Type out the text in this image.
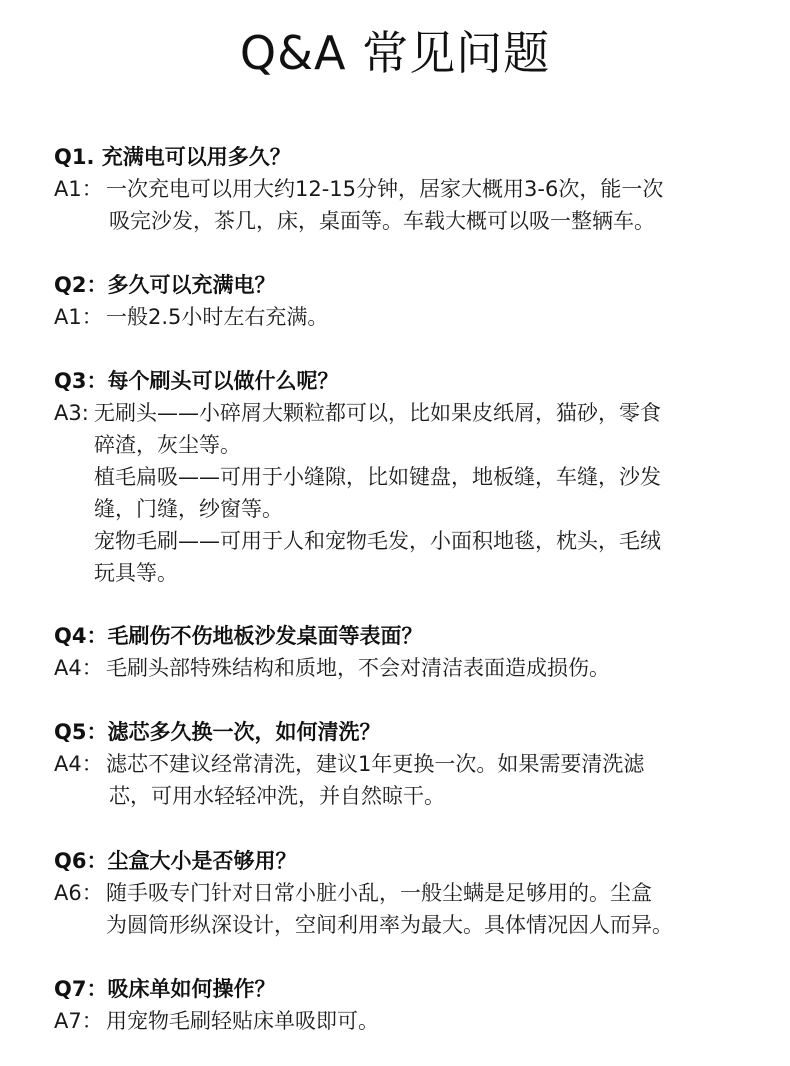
Q&A 常见问题
Q1. 充满电可以用多久？
A1： 一次充电可以用大约12-15分钟，居家大概用3-6次，能一次
吸完沙发，茶几，床，桌面等。车载大概可以吸一整辆车。
Q2：多久可以充满电？
A1： 一般2.5小时左右充满。
Q3：每个刷头可以做什么呢？
A3: 无刷头——小碎屑大颗粒都可以，比如果皮纸屑，猫砂，零食
碎渣，灰尘等。
植毛扁吸——可用于小缝隙，比如键盘，地板缝，车缝，沙发
缝，门缝，纱窗等。
宠物毛刷——可用于人和宠物毛发，小面积地毯，枕头，毛绒
玩具等。
Q4：毛刷伤不伤地板沙发桌面等表面？
A4： 毛刷头部特殊结构和质地，不会对清洁表面造成损伤。
Q5：滤芯多久换一次，如何清洗？
A4： 滤芯不建议经常清洗，建议1年更换一次。如果需要清洗滤
芯，可用水轻轻冲洗，并自然晾干。
Q6：尘盒大小是否够用？
A6： 随手吸专门针对日常小脏小乱，一般尘螨是足够用的。尘盒
为圆筒形纵深设计，空间利用率为最大。具体情况因人而异。
Q7：吸床单如何操作？
A7： 用宠物毛刷轻贴床单吸即可。
